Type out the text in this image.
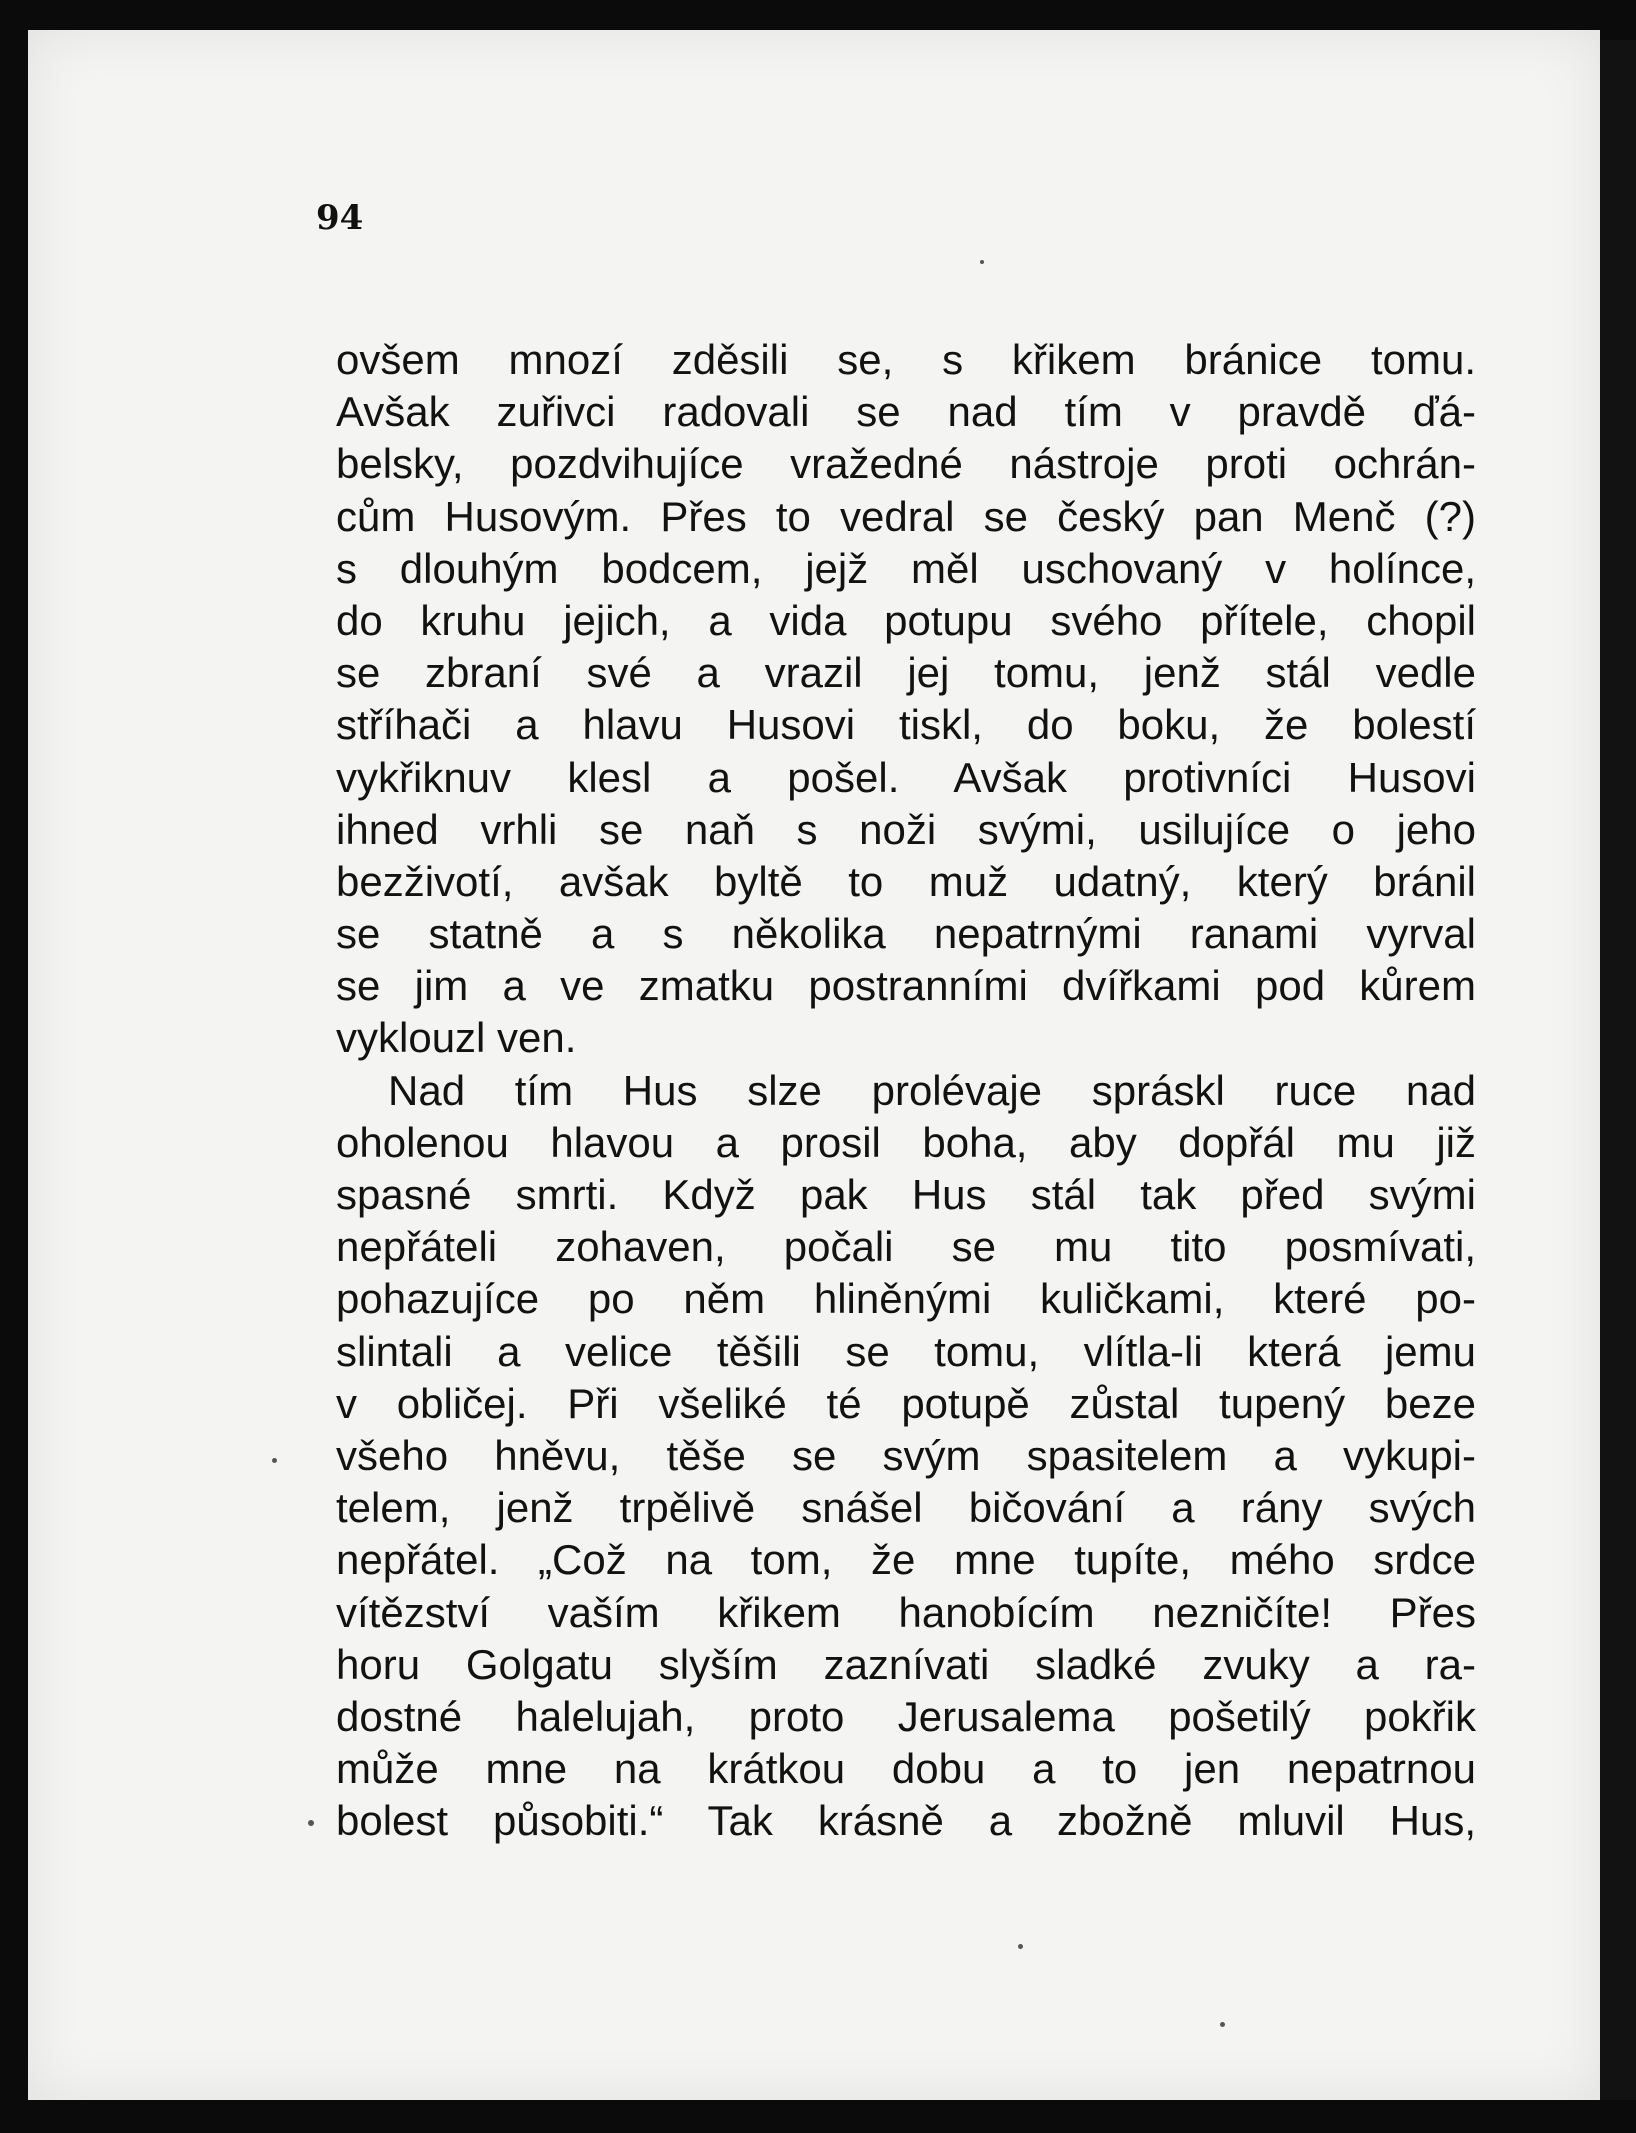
94
ovšem mnozí zděsili se, s křikem bránice tomu.
Avšak zuřivci radovali se nad tím v pravdě ďá-
belsky, pozdvihujíce vražedné nástroje proti ochrán-
cům Husovým. Přes to vedral se český pan Menč (?)
s dlouhým bodcem, jejž měl uschovaný v holínce,
do kruhu jejich, a vida potupu svého přítele, chopil
se zbraní své a vrazil jej tomu, jenž stál vedle
stříhači a hlavu Husovi tiskl, do boku, že bolestí
vykřiknuv klesl a pošel. Avšak protivníci Husovi
ihned vrhli se naň s noži svými, usilujíce o jeho
bezživotí, avšak byltě to muž udatný, který bránil
se statně a s několika nepatrnými ranami vyrval
se jim a ve zmatku postranními dvířkami pod kůrem
vyklouzl ven.
Nad tím Hus slze prolévaje spráskl ruce nad
oholenou hlavou a prosil boha, aby dopřál mu již
spasné smrti. Když pak Hus stál tak před svými
nepřáteli zohaven, počali se mu tito posmívati,
pohazujíce po něm hliněnými kuličkami, které po-
slintali a velice těšili se tomu, vlítla-li která jemu
v obličej. Při všeliké té potupě zůstal tupený beze
všeho hněvu, těše se svým spasitelem a vykupi-
telem, jenž trpělivě snášel bičování a rány svých
nepřátel. „Což na tom, že mne tupíte, mého srdce
vítězství vaším křikem hanobícím nezničíte! Přes
horu Golgatu slyším zaznívati sladké zvuky a ra-
dostné halelujah, proto Jerusalema pošetilý pokřik
může mne na krátkou dobu a to jen nepatrnou
bolest působiti.“ Tak krásně a zbožně mluvil Hus,
